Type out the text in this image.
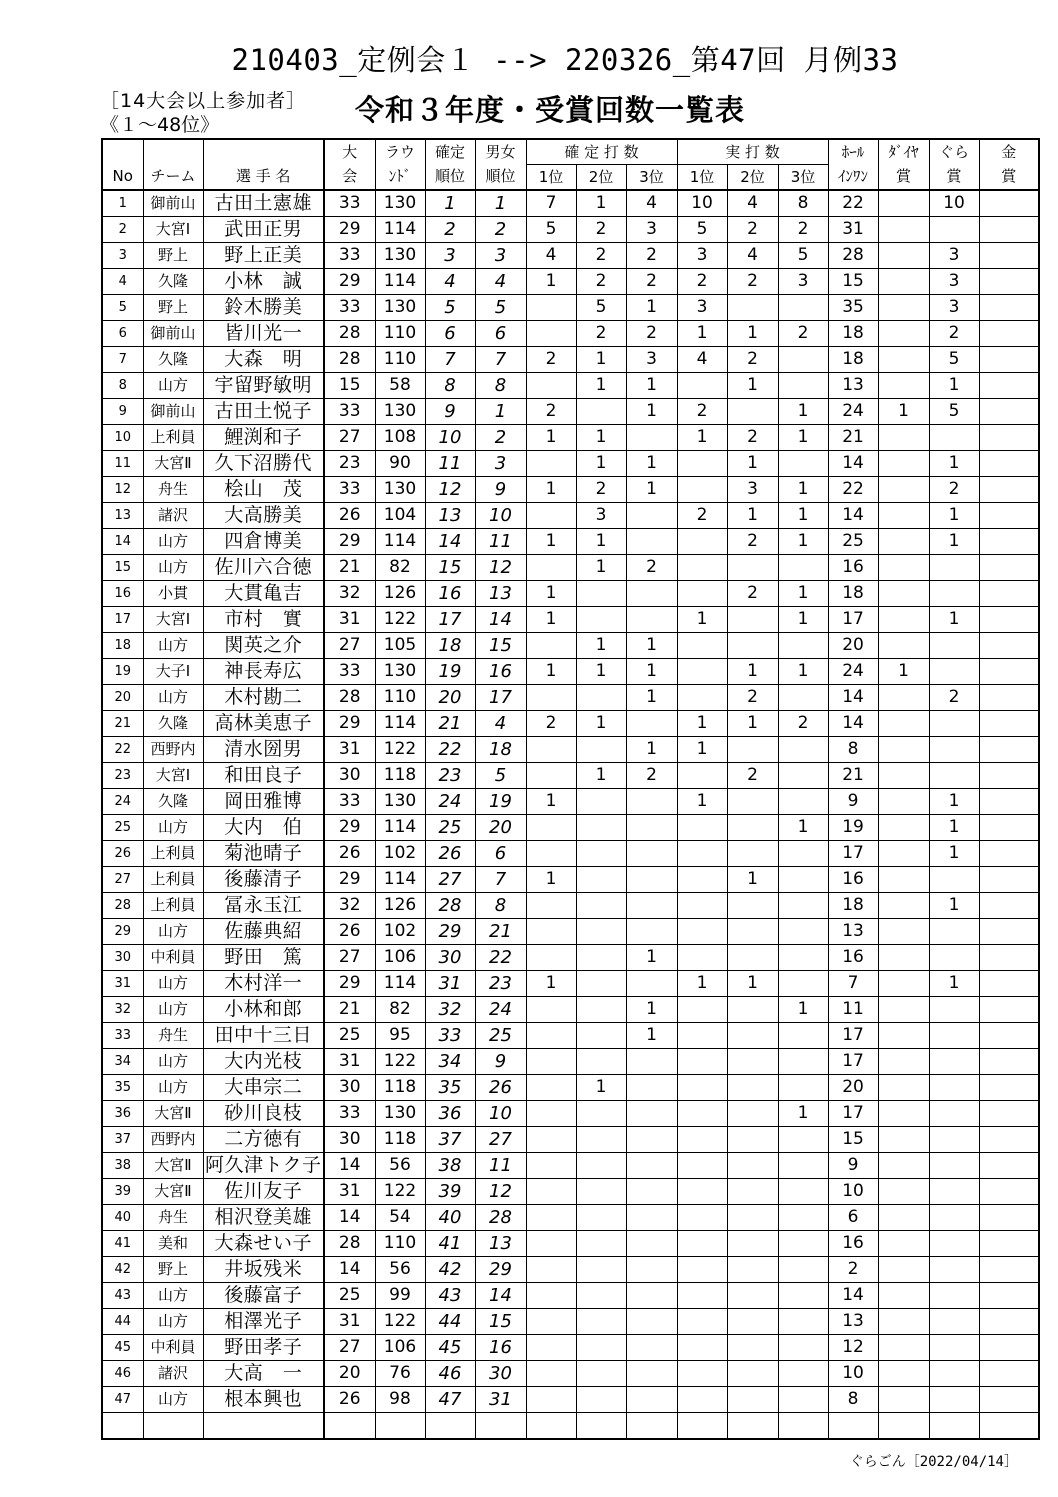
210403_定例会１ --> 220326_第47回 月例33
［14大会以上参加者］
《１～48位》	令和３年度・受賞回数一覧表
			大	ラウ	確定	男女	確 定 打 数			実 打 数			ﾎｰﾙ	ﾀﾞｲﾔ	ぐら	金
No	チーム	選 手 名	会	ﾝﾄﾞ	順位	順位	1位	2位	3位	1位	2位	3位	ｲﾝﾜﾝ	賞	賞	賞
1	御前山	古田土憲雄	33	130	1	1	7	1	4	10	4	8	22		10	
2	大宮Ⅰ	武田正男	29	114	2	2	5	2	3	5	2	2	31			
3	野上	野上正美	33	130	3	3	4	2	2	3	4	5	28		3	
4	久隆	小林　誠	29	114	4	4	1	2	2	2	2	3	15		3	
5	野上	鈴木勝美	33	130	5	5		5	1	3			35		3	
6	御前山	皆川光一	28	110	6	6		2	2	1	1	2	18		2	
7	久隆	大森　明	28	110	7	7	2	1	3	4	2		18		5	
8	山方	宇留野敏明	15	58	8	8		1	1		1		13		1	
9	御前山	古田土悦子	33	130	9	1	2		1	2		1	24	1	5	
10	上利員	鯉渕和子	27	108	10	2	1	1		1	2	1	21			
11	大宮Ⅱ	久下沼勝代	23	90	11	3		1	1		1		14		1	
12	舟生	桧山　茂	33	130	12	9	1	2	1		3	1	22		2	
13	諸沢	大高勝美	26	104	13	10		3		2	1	1	14		1	
14	山方	四倉博美	29	114	14	11	1	1			2	1	25		1	
15	山方	佐川六合徳	21	82	15	12		1	2				16			
16	小貫	大貫亀吉	32	126	16	13	1				2	1	18			
17	大宮Ⅰ	市村　實	31	122	17	14	1			1		1	17		1	
18	山方	関英之介	27	105	18	15		1	1				20			
19	大子Ⅰ	神長寿広	33	130	19	16	1	1	1		1	1	24	1		
20	山方	木村勘二	28	110	20	17			1		2		14		2	
21	久隆	高林美恵子	29	114	21	4	2	1		1	1	2	14			
22	西野内	清水圀男	31	122	22	18			1	1			8			
23	大宮Ⅰ	和田良子	30	118	23	5		1	2		2		21			
24	久隆	岡田雅博	33	130	24	19	1			1			9		1	
25	山方	大内　伯	29	114	25	20						1	19		1	
26	上利員	菊池晴子	26	102	26	6							17		1	
27	上利員	後藤清子	29	114	27	7	1				1		16			
28	上利員	冨永玉江	32	126	28	8							18		1	
29	山方	佐藤典紹	26	102	29	21							13			
30	中利員	野田　篤	27	106	30	22			1				16			
31	山方	木村洋一	29	114	31	23	1			1	1		7		1	
32	山方	小林和郎	21	82	32	24			1			1	11			
33	舟生	田中十三日	25	95	33	25			1				17			
34	山方	大内光枝	31	122	34	9							17			
35	山方	大串宗二	30	118	35	26		1					20			
36	大宮Ⅱ	砂川良枝	33	130	36	10						1	17			
37	西野内	二方徳有	30	118	37	27							15			
38	大宮Ⅱ	阿久津トク子	14	56	38	11							9			
39	大宮Ⅱ	佐川友子	31	122	39	12							10			
40	舟生	相沢登美雄	14	54	40	28							6			
41	美和	大森せい子	28	110	41	13							16			
42	野上	井坂残米	14	56	42	29							2			
43	山方	後藤富子	25	99	43	14							14			
44	山方	相澤光子	31	122	44	15							13			
45	中利員	野田孝子	27	106	45	16							12			
46	諸沢	大高　一	20	76	46	30							10			
47	山方	根本興也	26	98	47	31							8			

ぐらごん［2022/04/14］
